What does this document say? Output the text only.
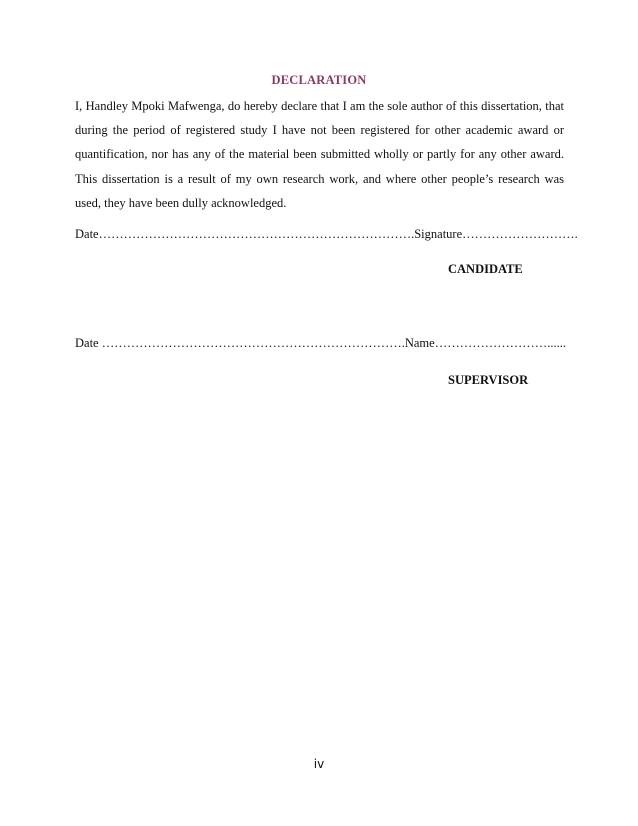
DECLARATION
I, Handley Mpoki Mafwenga, do hereby declare that I am the sole author of this dissertation, that during the period of registered study I have not been registered for other academic award or quantification, nor has any of the material been submitted wholly or partly for any other award. This dissertation is a result of my own research work, and where other people’s research was used, they have been dully acknowledged.
Date………………………………………………………………….Signature……………………….
CANDIDATE
Date ……………………………………………………………….Name………………………......
SUPERVISOR
iv
